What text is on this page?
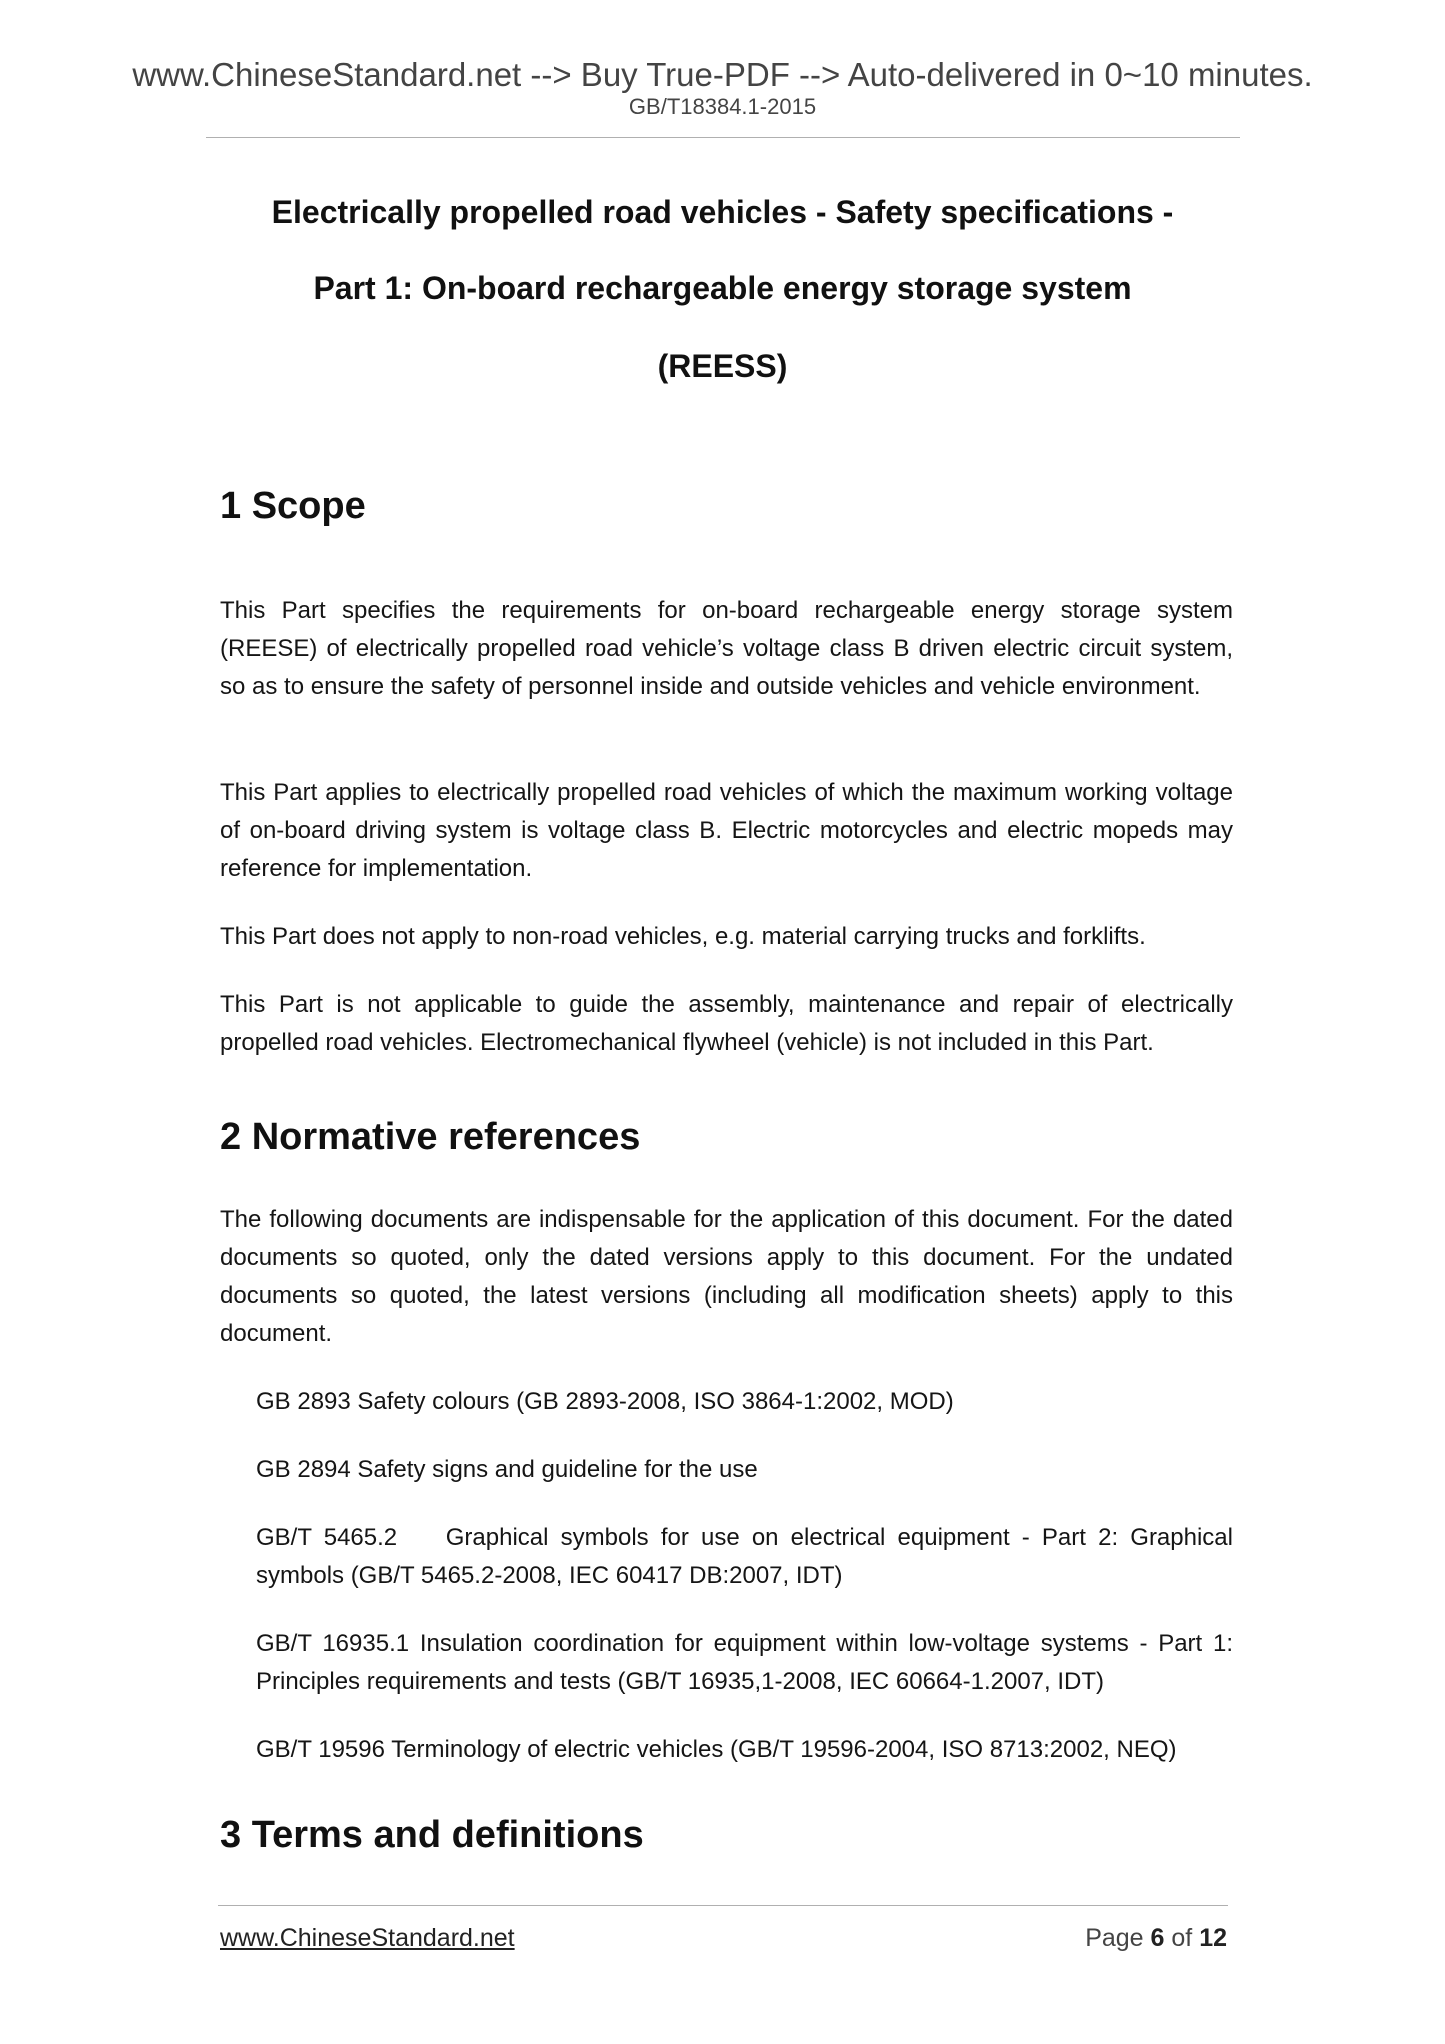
www.ChineseStandard.net --> Buy True-PDF --> Auto-delivered in 0~10 minutes.
GB/T18384.1-2015
Electrically propelled road vehicles - Safety specifications -
Part 1: On-board rechargeable energy storage system
(REESS)
1 Scope
This Part specifies the requirements for on-board rechargeable energy storage system (REESE) of electrically propelled road vehicle’s voltage class B driven electric circuit system, so as to ensure the safety of personnel inside and outside vehicles and vehicle environment.
This Part applies to electrically propelled road vehicles of which the maximum working voltage of on-board driving system is voltage class B. Electric motorcycles and electric mopeds may reference for implementation.
This Part does not apply to non-road vehicles, e.g. material carrying trucks and forklifts.
This Part is not applicable to guide the assembly, maintenance and repair of electrically propelled road vehicles. Electromechanical flywheel (vehicle) is not included in this Part.
2 Normative references
The following documents are indispensable for the application of this document. For the dated documents so quoted, only the dated versions apply to this document. For the undated documents so quoted, the latest versions (including all modification sheets) apply to this document.
GB 2893 Safety colours (GB 2893-2008, ISO 3864-1:2002, MOD)
GB 2894 Safety signs and guideline for the use
GB/T 5465.2    Graphical symbols for use on electrical equipment - Part 2: Graphical symbols (GB/T 5465.2-2008, IEC 60417 DB:2007, IDT)
GB/T 16935.1 Insulation coordination for equipment within low-voltage systems - Part 1: Principles requirements and tests (GB/T 16935,1-2008, IEC 60664-1.2007, IDT)
GB/T 19596 Terminology of electric vehicles (GB/T 19596-2004, ISO 8713:2002, NEQ)
3 Terms and definitions
www.ChineseStandard.net	Page 6 of 12
